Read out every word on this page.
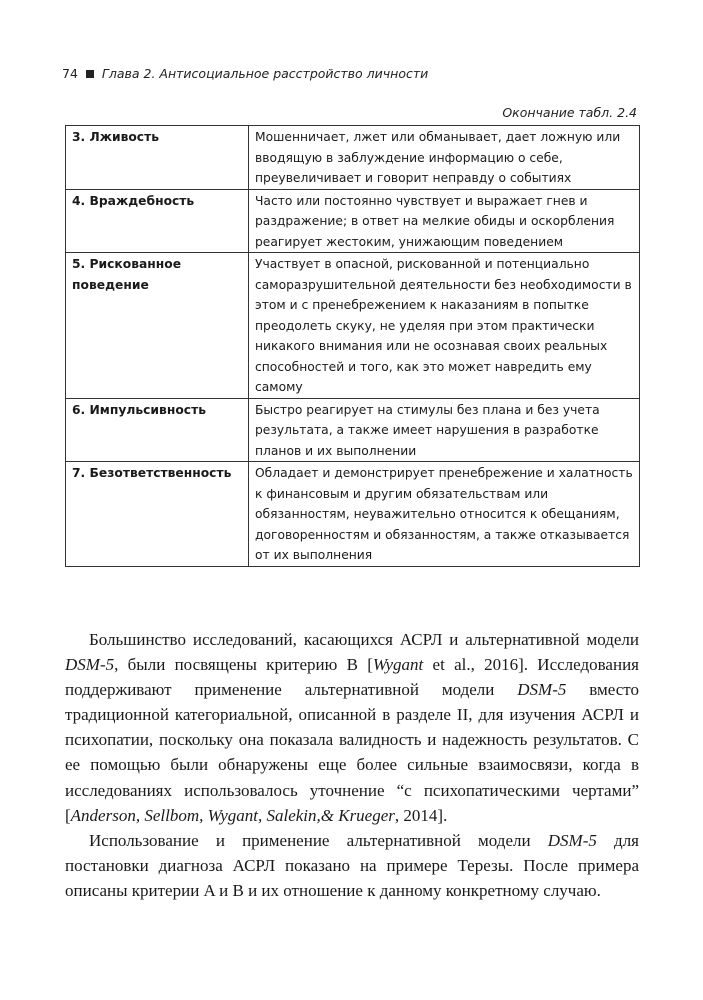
74 Глава 2. Антисоциальное расстройство личности
Окончание табл. 2.4
3. Лживость	Мошенничает, лжет или обманывает, дает ложную или вводящую в заблуждение информацию о себе, преувеличивает и говорит неправду о событиях

4. Враждебность	Часто или постоянно чувствует и выражает гнев и раздражение; в ответ на мелкие обиды и оскорбления реагирует жестоким, унижающим поведением

5. Рискованное поведение	Участвует в опасной, рискованной и потенциально саморазрушительной деятельности без необходимости в этом и с пренебрежением к наказаниям в попытке преодолеть скуку, не уделяя при этом практически никакого внимания или не осознавая своих реальных способностей и того, как это может навредить ему самому

6. Импульсивность	Быстро реагирует на стимулы без плана и без учета результата, а также имеет нарушения в разработке планов и их выполнении

7. Безответственность	Обладает и демонстрирует пренебрежение и халатность к финансовым и другим обязательствам или обязанностям, неуважительно относится к обещаниям, договоренностям и обязанностям, а также отказывается от их выполнения

Большинство исследований, касающихся АСРЛ и альтернативной модели DSM-5, были посвящены критерию B [Wygant et al., 2016]. Исследования поддерживают применение альтернативной модели DSM-5 вместо традиционной категориальной, описанной в разделе II, для изучения АСРЛ и психопатии, поскольку она показала валидность и надежность результатов. С ее помощью были обнаружены еще более сильные взаимосвязи, когда в исследованиях использовалось уточнение “с психопатическими чертами” [Anderson, Sellbom, Wygant, Salekin,& Krueger, 2014].

Использование и применение альтернативной модели DSM-5 для постановки диагноза АСРЛ показано на примере Терезы. После примера описаны критерии A и B и их отношение к данному конкретному случаю.
